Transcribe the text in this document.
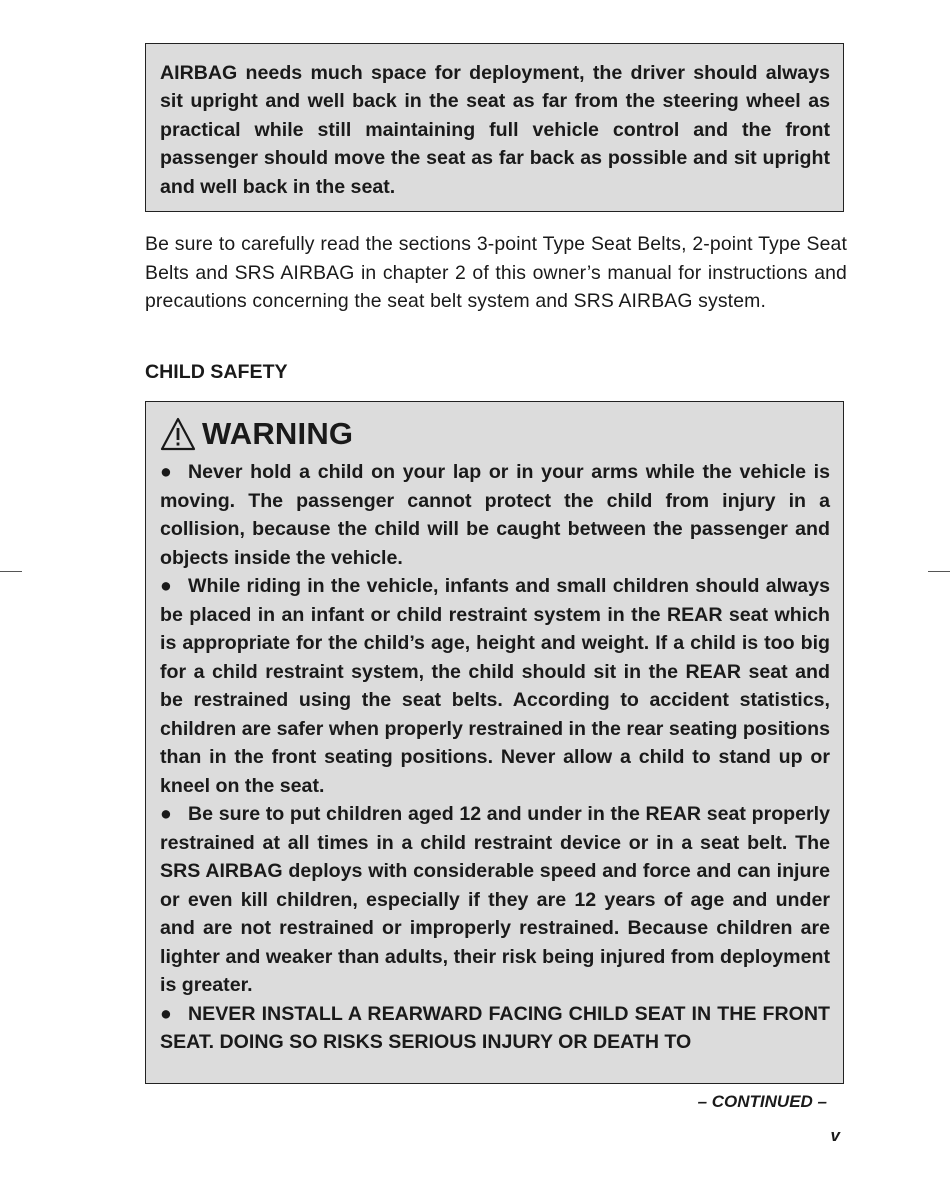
AIRBAG needs much space for deployment, the driver should always sit upright and well back in the seat as far from the steering wheel as practical while still maintaining full vehicle control and the front passenger should move the seat as far back as possible and sit upright and well back in the seat.

Be sure to carefully read the sections 3-point Type Seat Belts, 2-point Type Seat Belts and SRS AIRBAG in chapter 2 of this owner’s manual for instructions and precautions concerning the seat belt system and SRS AIRBAG system.

CHILD SAFETY
WARNING

● Never hold a child on your lap or in your arms while the vehicle is moving. The passenger cannot protect the child from injury in a collision, because the child will be caught between the passenger and objects inside the vehicle.

● While riding in the vehicle, infants and small children should always be placed in an infant or child restraint system in the REAR seat which is appropriate for the child’s age, height and weight. If a child is too big for a child restraint system, the child should sit in the REAR seat and be restrained using the seat belts. According to accident statistics, children are safer when properly restrained in the rear seating positions than in the front seating positions. Never allow a child to stand up or kneel on the seat.

● Be sure to put children aged 12 and under in the REAR seat properly restrained at all times in a child restraint device or in a seat belt. The SRS AIRBAG deploys with considerable speed and force and can injure or even kill children, especially if they are 12 years of age and under and are not restrained or improperly restrained. Because children are lighter and weaker than adults, their risk being injured from deployment is greater.

● NEVER INSTALL A REARWARD FACING CHILD SEAT IN THE FRONT SEAT. DOING SO RISKS SERIOUS INJURY OR DEATH TO

– CONTINUED –
v
